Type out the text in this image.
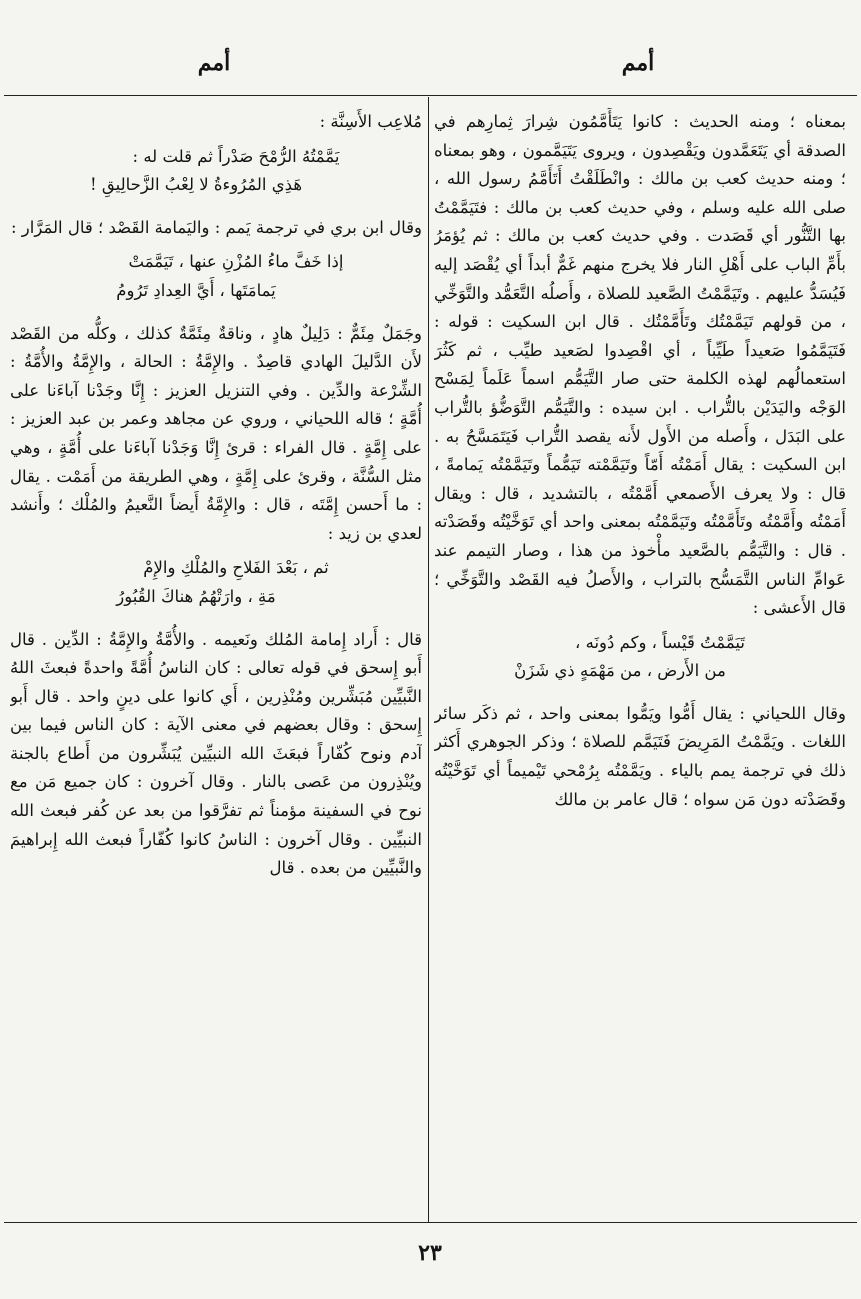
أمم
أمم

بمعناه ؛ ومنه الحديث : كانوا يَتَأَمَّمُون شِرارَ ثِمارِهم في الصدقة أي يَتَعَمَّدون ويَقْصِدون ، ويروى يَتَيَمَّمون ، وهو بمعناه ؛ ومنه حديث كعب بن مالك : وانْطَلَقْتُ أَتَأَمَّمُ رسول الله ، صلى الله عليه وسلم ، وفي حديث كعب بن مالك : فتَيَمَّمْتُ بها التَّنُّور أي قَصَدت . وفي حديث كعب بن مالك : ثم يُؤمَرُ بأَمِّ الباب على أَهْلِ النار فلا يخرج منهم غَمٌّ أبداً أي يُقْصَد إليه فَيُسَدُّ عليهم . وتَيَمَّمْتُ الصَّعيد للصلاة ، وأَصلُه التَّعَمُّد والتَّوَخِّي ، من قولهم تَيَمَّمْتُك وتَأَمَّمْتُك . قال ابن السكيت : قوله : فَتَيَمَّمُوا صَعيداً طَيِّباً ، أي اقْصِدوا لصَعيد طيِّب ، ثم كَثُرَ استعمالُهم لهذه الكلمة حتى صار التَّيَمُّم اسماً عَلَماً لِمَسْح الوَجْه واليَدَيْن بالتُّراب . ابن سيده : والتَّيَمُّم التَّوَضُّؤ بالتُّراب على البَدَل ، وأَصله من الأَول لأَنه يقصد التُّراب فَيَتَمَسَّحُ به . ابن السكيت : يقال أَمَمْتُه أَمّاً وتَيَمَّمْته تَيَمُّماً وتَيَمَّمْتُه يَمامةً ، قال : ولا يعرف الأَصمعي أَمَّمْتُه ، بالتشديد ، قال : ويقال أَمَمْتُه وأَمَّمْتُه وتَأَمَّمْتُه وتَيَمَّمْتُه بمعنى واحد أي تَوَخَّيْتُه وقَصَدْته . قال : والتَّيَمُّم بالصَّعيد مأْخوذ من هذا ، وصار التيمم عند عَوامِّ الناس التَّمَسُّح بالتراب ، والأَصلُ فيه القَصْد والتَّوَخِّي ؛ قال الأَعشى :

تَيَمَّمْتُ قَيْساً ، وكم دُونَه ،
من الأَرض ، من مَهْمَهٍ ذي شَزَنْ

وقال اللحياني : يقال أَمُّوا ويَمُّوا بمعنى واحد ، ثم ذكَر سائر اللغات . ويَمَّمْتُ المَرِيضَ فَتَيَمَّم للصلاة ؛ وذكر الجوهري أَكثر ذلك في ترجمة يمم بالياء . ويَمَّمْتُه بِرُمْحي تَيْميماً أي تَوَخَّيْتُه وقَصَدْته دون مَن سواه ؛ قال عامر بن مالك

مُلاعِب الأَسِنَّة :

يَمَّمْتُهُ الرُّمْحَ صَدْراً ثم قلت له :
هَذِي المُرُوءةُ لا لِعْبُ الزَّحالِيقِ !

وقال ابن بري في ترجمة يَمم : واليَمامة القَصْد ؛ قال المَرَّار :

إذا خَفَّ ماءُ المُزْنِ عنها ، تَيَمَّمَتْ
يَمامَتَها ، أَيَّ العِدادِ تَرُومُ

وجَمَلٌ مِئَمٌّ : دَلِيلٌ هادٍ ، وناقةٌ مِئَمَّةٌ كذلك ، وكلُّه من القَصْد لأَن الدَّليلَ الهادي قاصِدٌ . والإِمَّةُ : الحالة ، والإِمَّةُ والأُمَّةُ : الشِّرْعة والدِّين . وفي التنزيل العزيز : إِنَّا وجَدْنا آباءَنا على أُمَّةٍ ؛ قاله اللحياني ، وروي عن مجاهد وعمر بن عبد العزيز : على إِمَّةٍ . قال الفراء : قرئ إِنَّا وَجَدْنا آباءَنا على أُمَّةٍ ، وهي مثل السُّنَّة ، وقرئ على إِمَّةٍ ، وهي الطريقة من أَمَمْت . يقال : ما أَحسن إِمَّتَه ، قال : والإِمَّةُ أَيضاً النَّعيمُ والمُلْك ؛ وأَنشد لعدي بن زيد :

ثم ، بَعْدَ الفَلاحِ والمُلْكِ والإِمْ
مَةِ ، وارَتْهُمُ هناكَ القُبُورُ

قال : أَراد إِمامة المُلك ونَعيمه . والأُمَّةُ والإِمَّةُ : الدِّين . قال أَبو إِسحق في قوله تعالى : كان الناسُ أُمَّةً واحدةً فبعثَ اللهُ النَّبيِّين مُبَشِّرين ومُنْذِرين ، أَي كانوا على دينٍ واحد . قال أَبو إِسحق : وقال بعضهم في معنى الآية : كان الناس فيما بين آدم ونوح كُفّاراً فبعَثَ الله النبيِّين يُبَشِّرون من أَطاع بالجنة ويُنْذِرون من عَصى بالنار . وقال آخرون : كان جميع مَن مع نوح في السفينة مؤمناً ثم تفرَّقوا من بعد عن كُفر فبعث الله النبيِّين . وقال آخرون : الناسُ كانوا كُفّاراً فبعث الله إِبراهيمَ والنَّبيِّين من بعده . قال

٢٣
